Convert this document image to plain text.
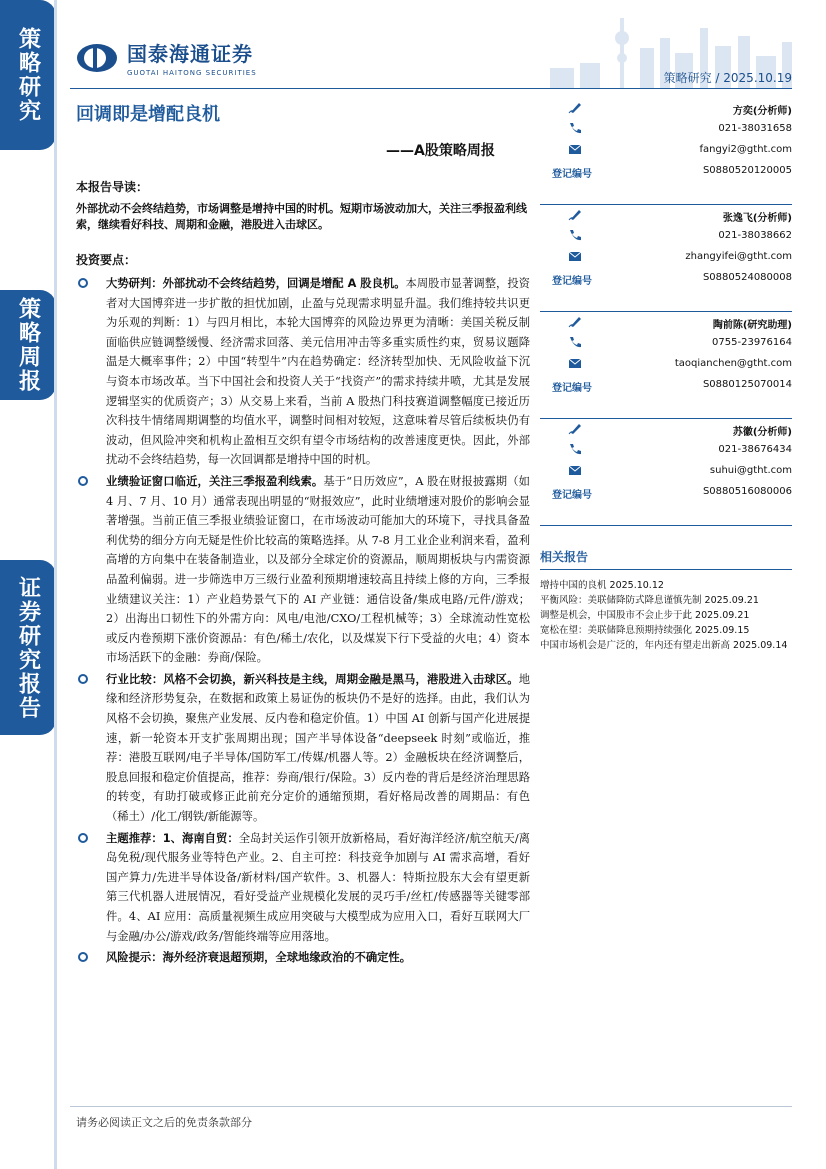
策略研究
策略周报
证券研究报告
国泰海通证券
GUOTAI HAITONG SECURITIES	策略研究 / 2025.10.19
回调即是增配良机
——A股策略周报
本报告导读：
外部扰动不会终结趋势，市场调整是增持中国的时机。短期市场波动加大，关注三季报盈利线索，继续看好科技、周期和金融，港股进入击球区。
投资要点：
大势研判：外部扰动不会终结趋势，回调是增配 A 股良机。本周股市显著调整，投资者对大国博弈进一步扩散的担忧加剧，止盈与兑现需求明显升温。我们维持较共识更为乐观的判断：1）与四月相比，本轮大国博弈的风险边界更为清晰：美国关税反制面临供应链调整缓慢、经济需求回落、美元信用冲击等多重实质性约束，贸易议题降温是大概率事件；2）中国“转型牛”内在趋势确定：经济转型加快、无风险收益下沉与资本市场改革。当下中国社会和投资人关于“找资产”的需求持续井喷，尤其是发展逻辑坚实的优质资产；3）从交易上来看，当前 A 股热门科技赛道调整幅度已接近历次科技牛情绪周期调整的均值水平，调整时间相对较短，这意味着尽管后续板块仍有波动，但风险冲突和机构止盈相互交织有望令市场结构的改善速度更快。因此，外部扰动不会终结趋势，每一次回调都是增持中国的时机。
业绩验证窗口临近，关注三季报盈利线索。基于“日历效应”，A 股在财报披露期（如 4 月、7 月、10 月）通常表现出明显的“财报效应”，此时业绩增速对股价的影响会显著增强。当前正值三季报业绩验证窗口，在市场波动可能加大的环境下，寻找具备盈利优势的细分方向无疑是性价比较高的策略选择。从 7-8 月工业企业利润来看，盈利高增的方向集中在装备制造业，以及部分全球定价的资源品，顺周期板块与内需资源品盈利偏弱。进一步筛选申万三级行业盈利预期增速较高且持续上修的方向，三季报业绩建议关注：1）产业趋势景气下的 AI 产业链：通信设备/集成电路/元件/游戏；2）出海出口韧性下的外需方向：风电/电池/CXO/工程机械等；3）全球流动性宽松或反内卷预期下涨价资源品：有色/稀土/农化，以及煤炭下行下受益的火电；4）资本市场活跃下的金融：券商/保险。
行业比较：风格不会切换，新兴科技是主线，周期金融是黑马，港股进入击球区。地缘和经济形势复杂，在数据和政策上易证伪的板块仍不是好的选择。由此，我们认为风格不会切换，聚焦产业发展、反内卷和稳定价值。1）中国 AI 创新与国产化进展提速，新一轮资本开支扩张周期出现；国产半导体设备“deepseek 时刻”或临近，推荐：港股互联网/电子半导体/国防军工/传媒/机器人等。2）金融板块在经济调整后，股息回报和稳定价值提高，推荐：券商/银行/保险。3）反内卷的背后是经济治理思路的转变，有助打破或修正此前充分定价的通缩预期，看好格局改善的周期品：有色（稀土）/化工/钢铁/新能源等。
主题推荐：1、海南自贸：全岛封关运作引领开放新格局，看好海洋经济/航空航天/离岛免税/现代服务业等特色产业。2、自主可控：科技竞争加剧与 AI 需求高增，看好国产算力/先进半导体设备/新材料/国产软件。3、机器人：特斯拉股东大会有望更新第三代机器人进展情况，看好受益产业规模化发展的灵巧手/丝杠/传感器等关键零部件。4、AI 应用：高质量视频生成应用突破与大模型成为应用入口，看好互联网大厂与金融/办公/游戏/政务/智能终端等应用落地。
风险提示：海外经济衰退超预期，全球地缘政治的不确定性。
方奕(分析师)
021-38031658
fangyi2@gtht.com
登记编号	S0880520120005
张逸飞(分析师)
021-38038662
zhangyifei@gtht.com
登记编号	S0880524080008
陶前陈(研究助理)
0755-23976164
taoqianchen@gtht.com
登记编号	S0880125070014
苏徽(分析师)
021-38676434
suhui@gtht.com
登记编号	S0880516080006
相关报告
增持中国的良机 2025.10.12
平衡风险：美联储降防式降息谨慎先制 2025.09.21
调整是机会，中国股市不会止步于此 2025.09.21
宽松在望：美联储降息预期持续强化 2025.09.15
中国市场机会是广泛的，年内还有望走出新高 2025.09.14
请务必阅读正文之后的免责条款部分
